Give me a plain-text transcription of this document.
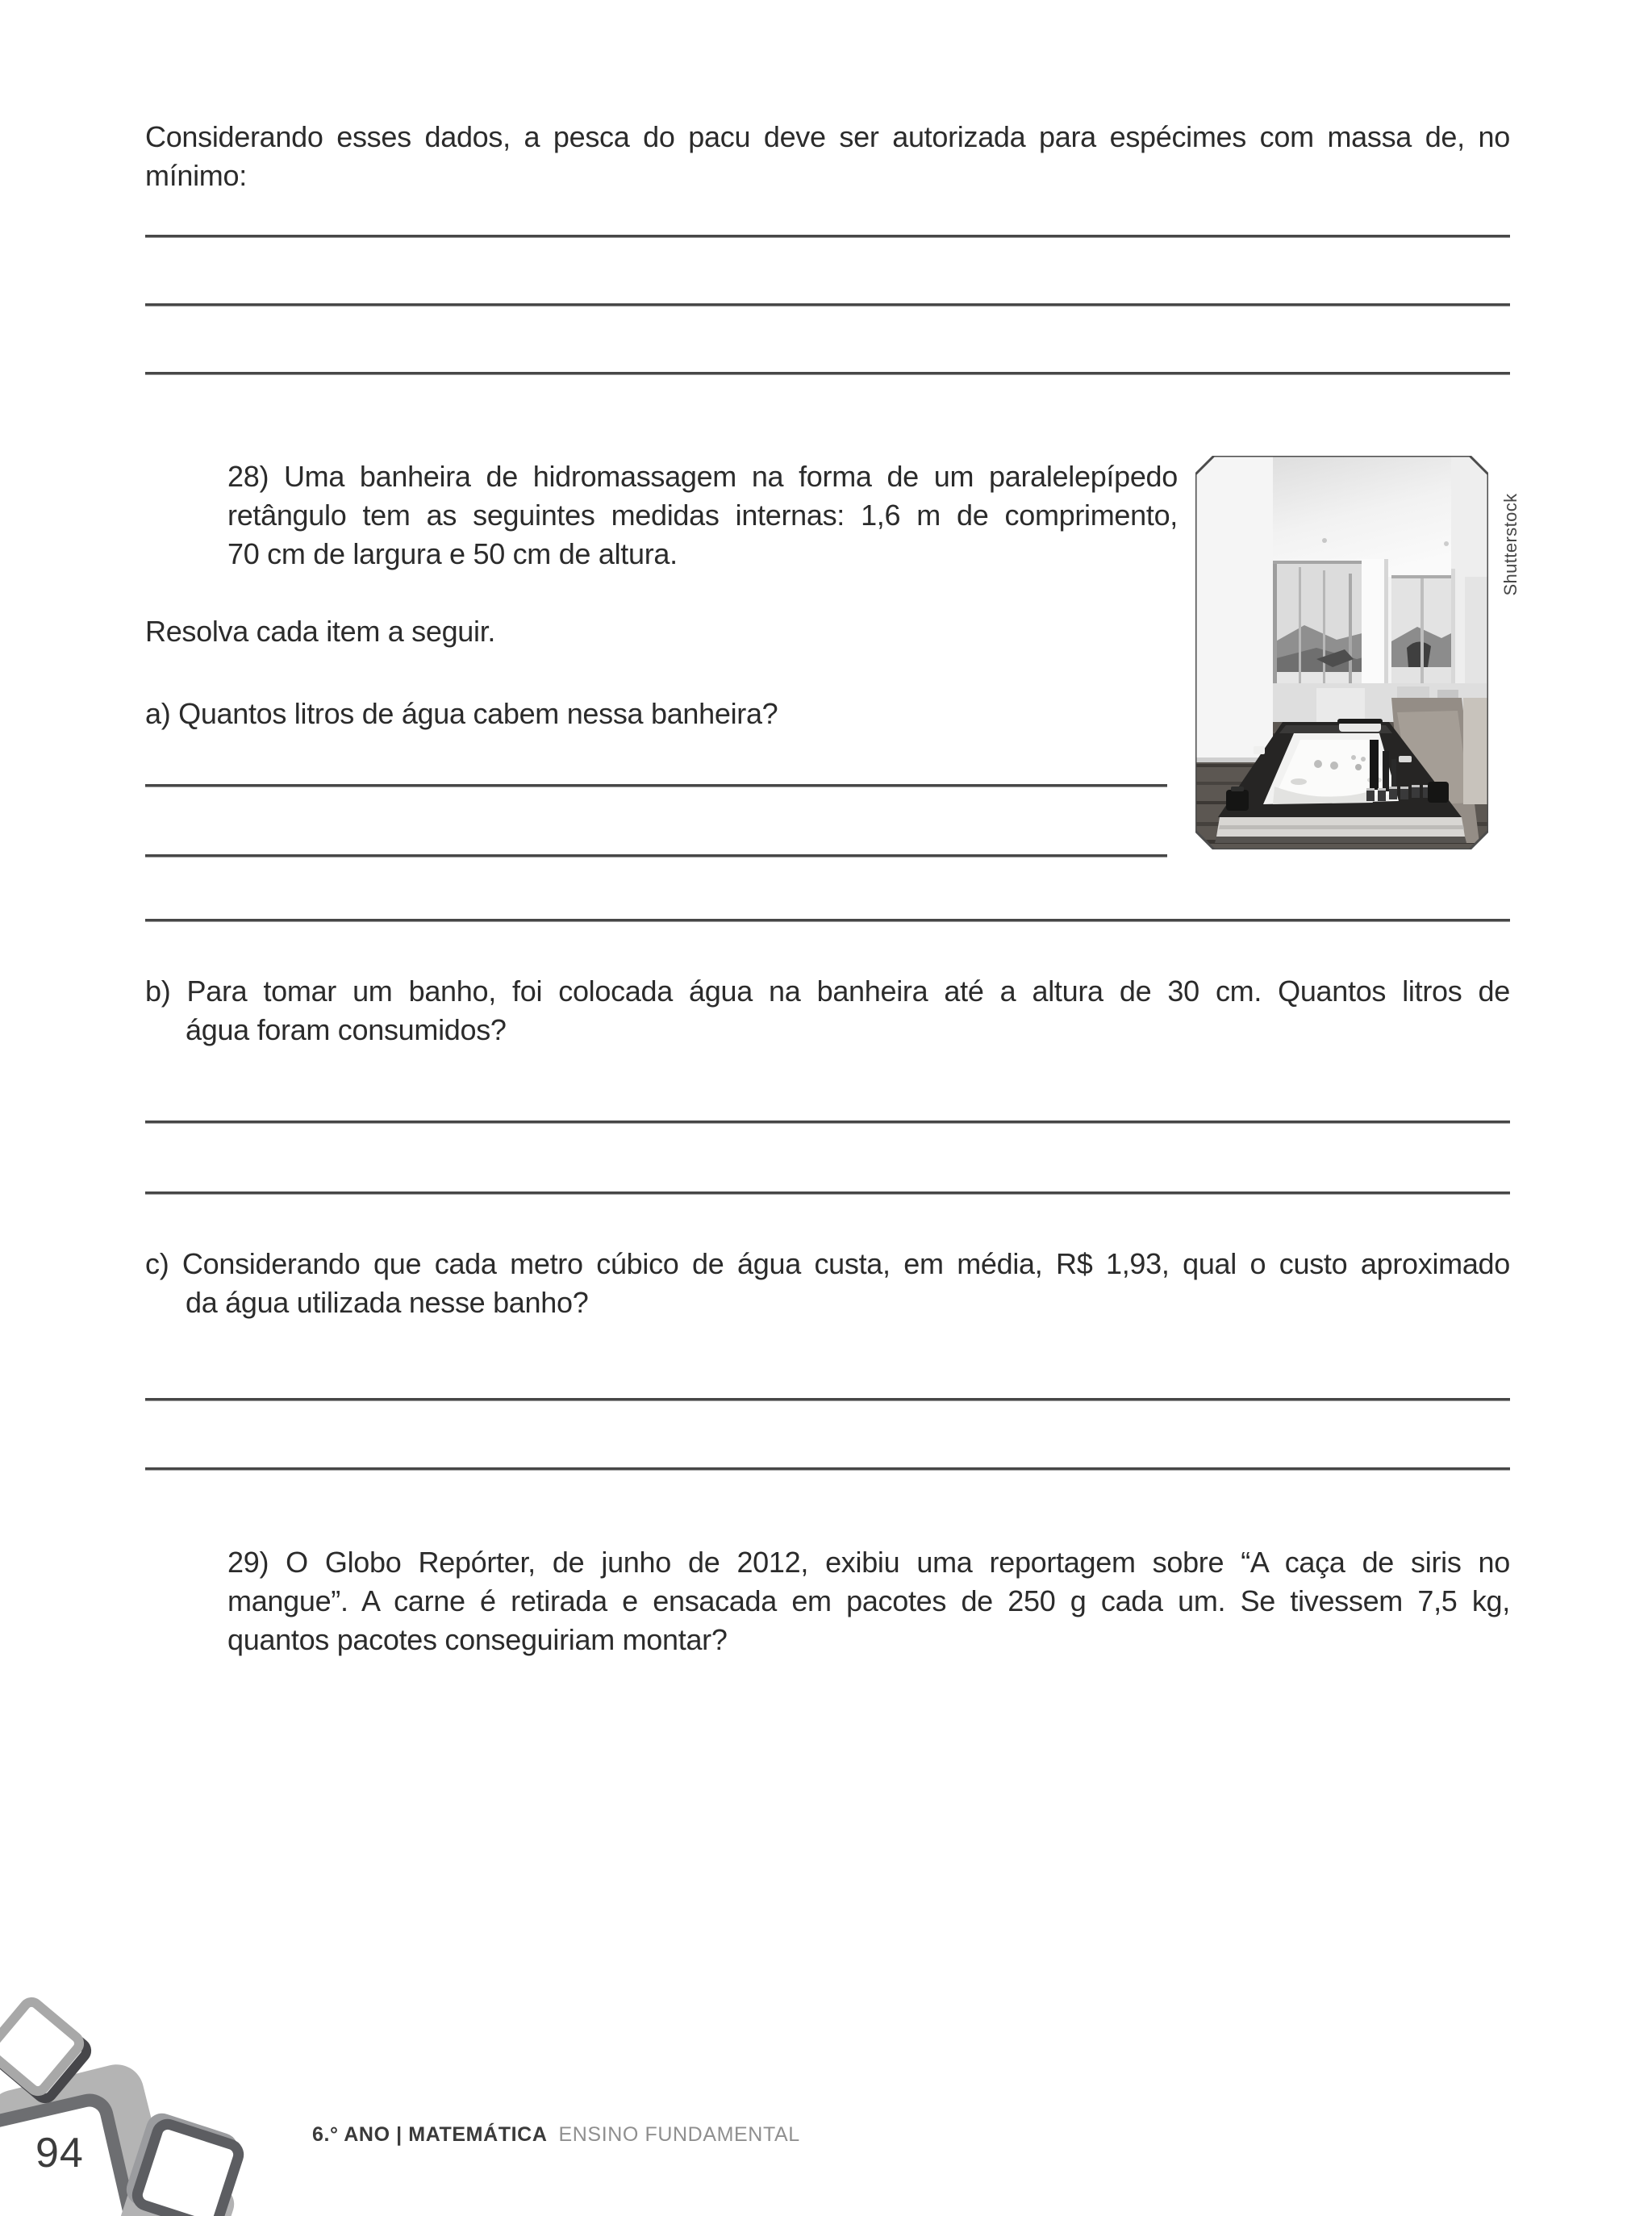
Considerando esses dados, a pesca do pacu deve ser autorizada para espécimes com massa de, no
mínimo:
28) Uma banheira de hidromassagem na forma de um paralelepípedo
retângulo tem as seguintes medidas internas: 1,6 m de comprimento,
70 cm de largura e 50 cm de altura.	Shutterstock
Resolva cada item a seguir.
a) Quantos litros de água cabem nessa banheira?
b) Para tomar um banho, foi colocada água na banheira até a altura de 30 cm. Quantos litros de
água foram consumidos?
c) Considerando que cada metro cúbico de água custa, em média, R$ 1,93, qual o custo aproximado
da água utilizada nesse banho?
29) O Globo Repórter, de junho de 2012, exibiu uma reportagem sobre “A caça de siris no
mangue”. A carne é retirada e ensacada em pacotes de 250 g cada um. Se tivessem 7,5 kg,
quantos pacotes conseguiriam montar?
94	6.° ANO | MATEMÁTICA ENSINO FUNDAMENTAL
